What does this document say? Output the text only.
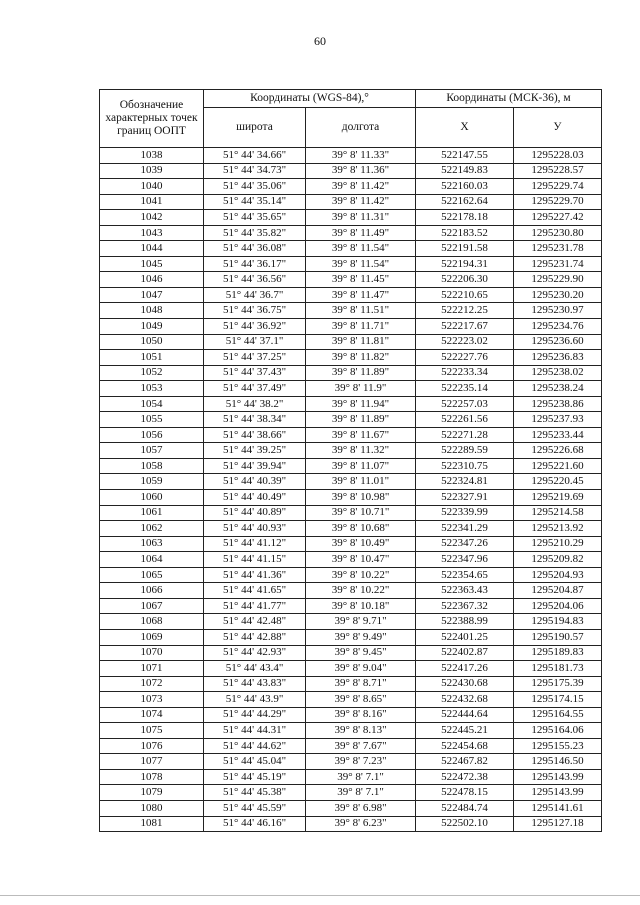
60
Обозначение характерных точек границ ООПТ	Координаты (WGS-84),°		Координаты (МСК-36), м	
	широта	долгота	X	У
1038	51° 44' 34.66"	39° 8' 11.33"	522147.55	1295228.03
1039	51° 44' 34.73"	39° 8' 11.36"	522149.83	1295228.57
1040	51° 44' 35.06"	39° 8' 11.42"	522160.03	1295229.74
1041	51° 44' 35.14"	39° 8' 11.42"	522162.64	1295229.70
1042	51° 44' 35.65"	39° 8' 11.31"	522178.18	1295227.42
1043	51° 44' 35.82"	39° 8' 11.49"	522183.52	1295230.80
1044	51° 44' 36.08"	39° 8' 11.54"	522191.58	1295231.78
1045	51° 44' 36.17"	39° 8' 11.54"	522194.31	1295231.74
1046	51° 44' 36.56"	39° 8' 11.45"	522206.30	1295229.90
1047	51° 44' 36.7"	39° 8' 11.47"	522210.65	1295230.20
1048	51° 44' 36.75"	39° 8' 11.51"	522212.25	1295230.97
1049	51° 44' 36.92"	39° 8' 11.71"	522217.67	1295234.76
1050	51° 44' 37.1"	39° 8' 11.81"	522223.02	1295236.60
1051	51° 44' 37.25"	39° 8' 11.82"	522227.76	1295236.83
1052	51° 44' 37.43"	39° 8' 11.89"	522233.34	1295238.02
1053	51° 44' 37.49"	39° 8' 11.9"	522235.14	1295238.24
1054	51° 44' 38.2"	39° 8' 11.94"	522257.03	1295238.86
1055	51° 44' 38.34"	39° 8' 11.89"	522261.56	1295237.93
1056	51° 44' 38.66"	39° 8' 11.67"	522271.28	1295233.44
1057	51° 44' 39.25"	39° 8' 11.32"	522289.59	1295226.68
1058	51° 44' 39.94"	39° 8' 11.07"	522310.75	1295221.60
1059	51° 44' 40.39"	39° 8' 11.01"	522324.81	1295220.45
1060	51° 44' 40.49"	39° 8' 10.98"	522327.91	1295219.69
1061	51° 44' 40.89"	39° 8' 10.71"	522339.99	1295214.58
1062	51° 44' 40.93"	39° 8' 10.68"	522341.29	1295213.92
1063	51° 44' 41.12"	39° 8' 10.49"	522347.26	1295210.29
1064	51° 44' 41.15"	39° 8' 10.47"	522347.96	1295209.82
1065	51° 44' 41.36"	39° 8' 10.22"	522354.65	1295204.93
1066	51° 44' 41.65"	39° 8' 10.22"	522363.43	1295204.87
1067	51° 44' 41.77"	39° 8' 10.18"	522367.32	1295204.06
1068	51° 44' 42.48"	39° 8' 9.71"	522388.99	1295194.83
1069	51° 44' 42.88"	39° 8' 9.49"	522401.25	1295190.57
1070	51° 44' 42.93"	39° 8' 9.45"	522402.87	1295189.83
1071	51° 44' 43.4"	39° 8' 9.04"	522417.26	1295181.73
1072	51° 44' 43.83"	39° 8' 8.71"	522430.68	1295175.39
1073	51° 44' 43.9"	39° 8' 8.65"	522432.68	1295174.15
1074	51° 44' 44.29"	39° 8' 8.16"	522444.64	1295164.55
1075	51° 44' 44.31"	39° 8' 8.13"	522445.21	1295164.06
1076	51° 44' 44.62"	39° 8' 7.67"	522454.68	1295155.23
1077	51° 44' 45.04"	39° 8' 7.23"	522467.82	1295146.50
1078	51° 44' 45.19"	39° 8' 7.1"	522472.38	1295143.99
1079	51° 44' 45.38"	39° 8' 7.1"	522478.15	1295143.99
1080	51° 44' 45.59"	39° 8' 6.98"	522484.74	1295141.61
1081	51° 44' 46.16"	39° 8' 6.23"	522502.10	1295127.18
